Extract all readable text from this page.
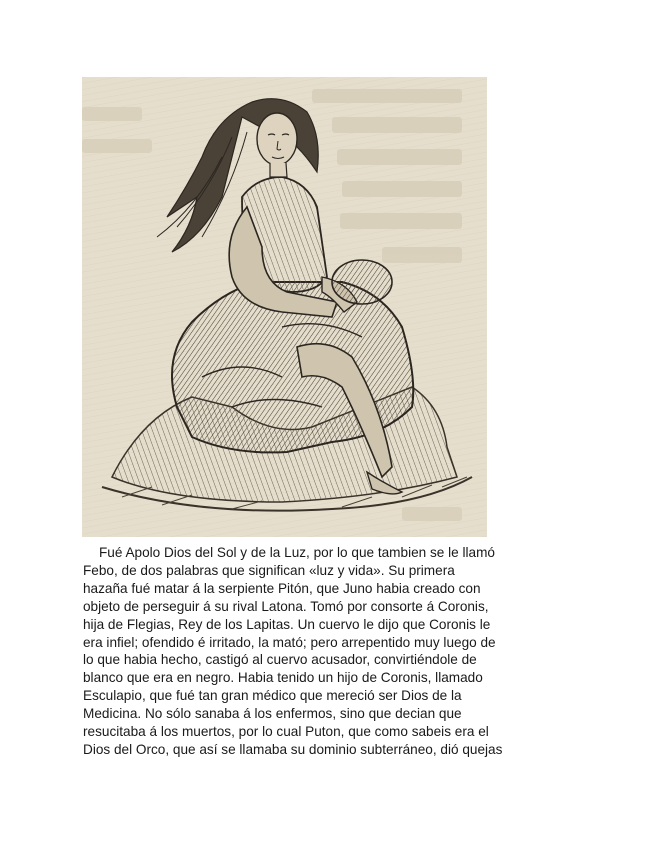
Fué Apolo Dios del Sol y de la Luz, por lo que tambien se le llamó
Febo, de dos palabras que significan «luz y vida». Su primera
hazaña fué matar á la serpiente Pitón, que Juno habia creado con
objeto de perseguir á su rival Latona. Tomó por consorte á Coronis,
hija de Flegias, Rey de los Lapitas. Un cuervo le dijo que Coronis le
era infiel; ofendido é irritado, la mató; pero arrepentido muy luego de
lo que habia hecho, castigó al cuervo acusador, convirtiéndole de
blanco que era en negro. Habia tenido un hijo de Coronis, llamado
Esculapio, que fué tan gran médico que mereció ser Dios de la
Medicina. No sólo sanaba á los enfermos, sino que decian que
resucitaba á los muertos, por lo cual Puton, que como sabeis era el
Dios del Orco, que así se llamaba su dominio subterráneo, dió quejas
